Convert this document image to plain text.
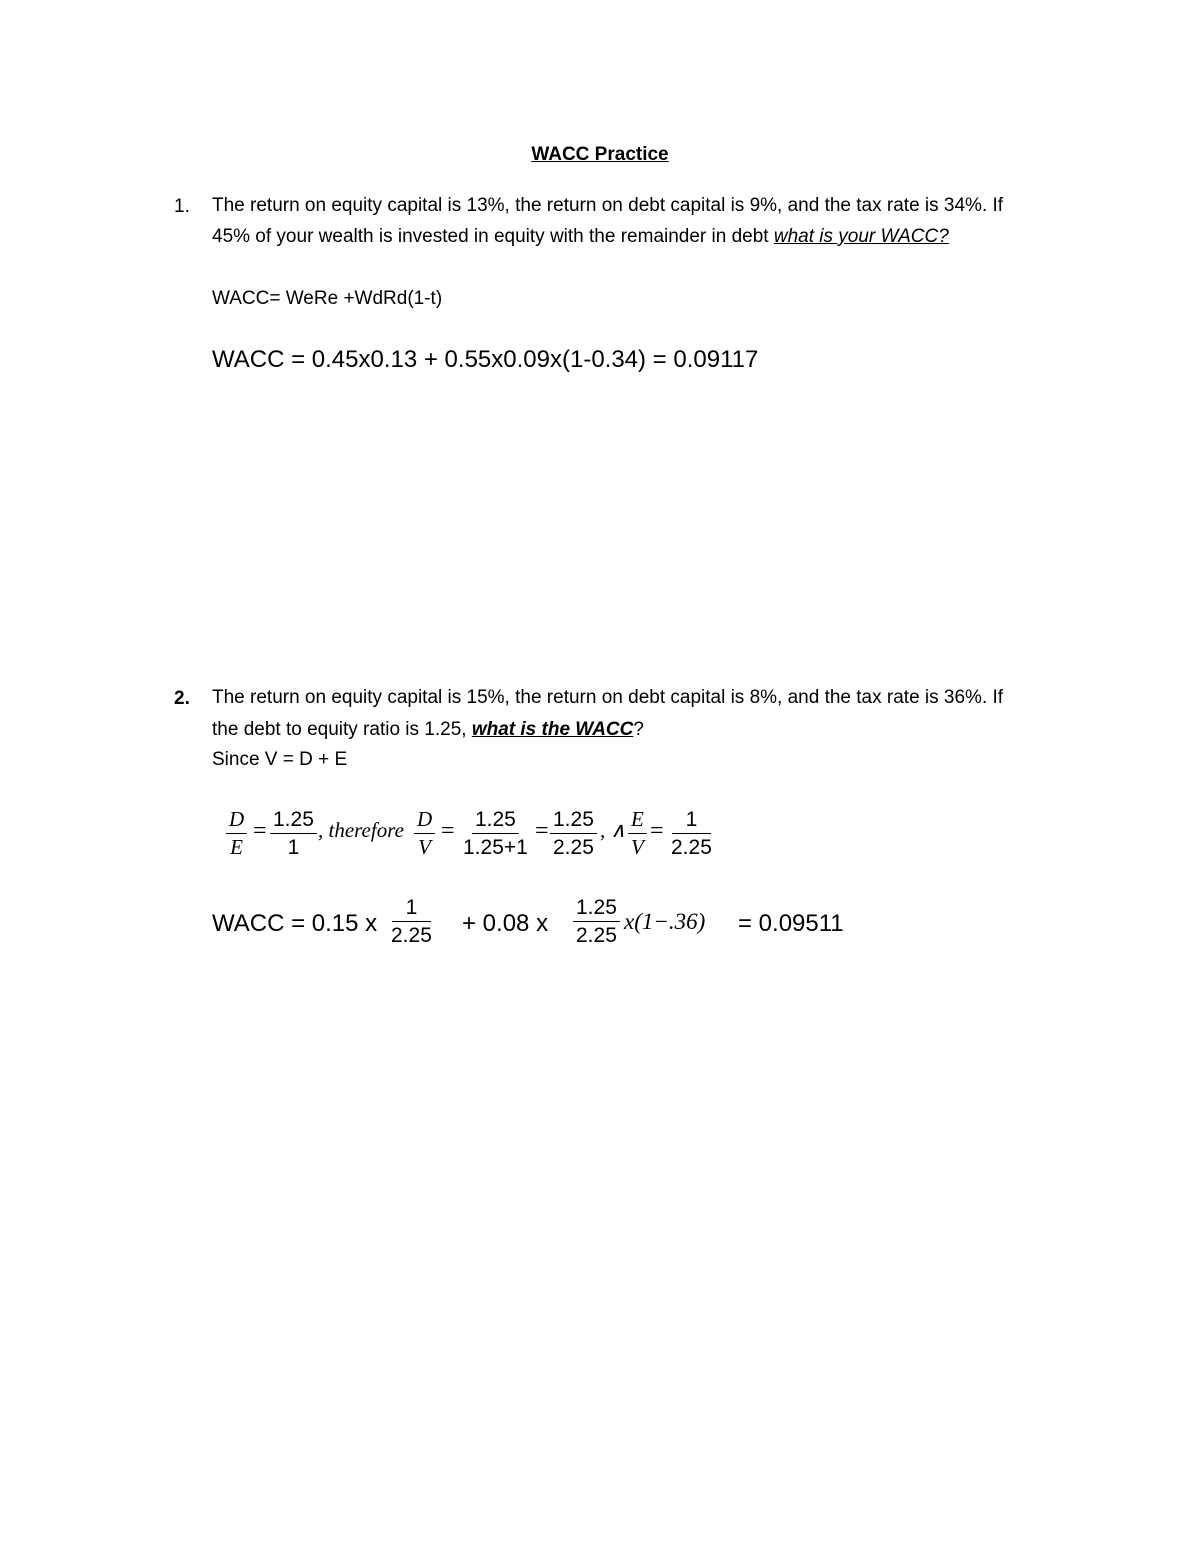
WACC Practice
1. The return on equity capital is 13%, the return on debt capital is 9%, and the tax rate is 34%. If
45% of your wealth is invested in equity with the remainder in debt what is your WACC?
WACC= WeRe +WdRd(1-t)
WACC = 0.45x0.13 + 0.55x0.09x(1-0.34) = 0.09117
2. The return on equity capital is 15%, the return on debt capital is 8%, and the tax rate is 36%. If
the debt to equity ratio is 1.25, what is the WACC?
Since V = D + E
$\frac{D}{E} = \frac{1.25}{1}$ , therefore $\frac{D}{V} = \frac{1.25}{1.25+1} = \frac{1.25}{2.25}$ , ∧ $\frac{E}{V} = \frac{1}{2.25}$
WACC = 0.15 x $\frac{1}{2.25} + 0.08$ x $\frac{1.25}{2.25} x(1-.36) = 0.09511$
